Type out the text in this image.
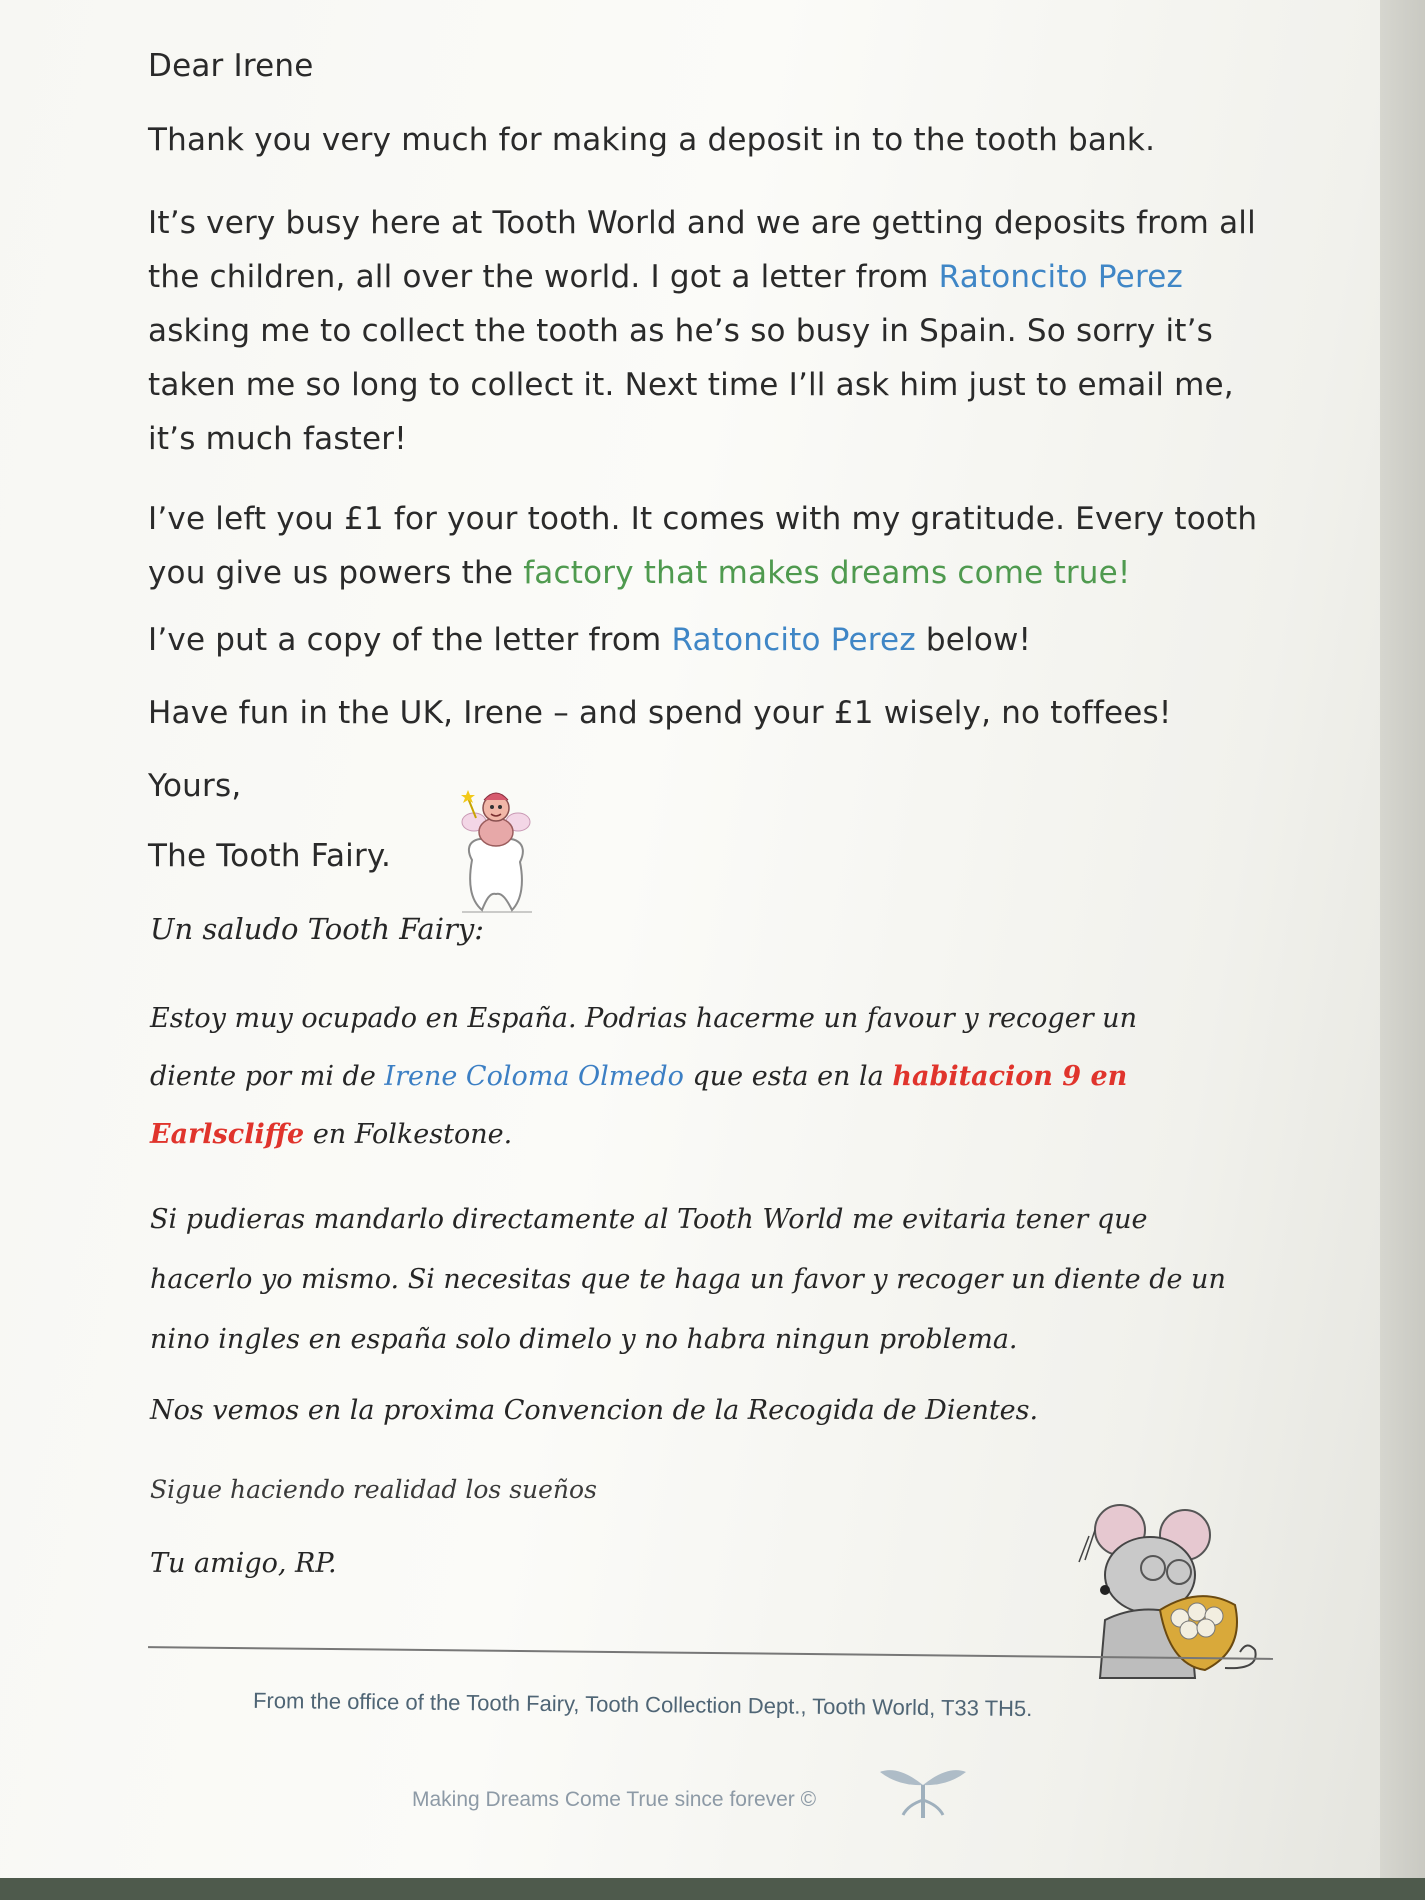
Dear Irene
Thank you very much for making a deposit in to the tooth bank.
It’s very busy here at Tooth World and we are getting deposits from all the children, all over the world. I got a letter from Ratoncito Perez asking me to collect the tooth as he’s so busy in Spain. So sorry it’s taken me so long to collect it. Next time I’ll ask him just to email me, it’s much faster!
I’ve left you £1 for your tooth. It comes with my gratitude. Every tooth you give us powers the factory that makes dreams come true!
I’ve put a copy of the letter from Ratoncito Perez below!
Have fun in the UK, Irene – and spend your £1 wisely, no toffees!
Yours,
The Tooth Fairy.
Un saludo Tooth Fairy:
Estoy muy ocupado en España. Podrias hacerme un favour y recoger un diente por mi de Irene Coloma Olmedo que esta en la habitacion 9 en Earlscliffe en Folkestone.
Si pudieras mandarlo directamente al Tooth World me evitaria tener que hacerlo yo mismo. Si necesitas que te haga un favor y recoger un diente de un nino ingles en españa solo dimelo y no habra ningun problema.
Nos vemos en la proxima Convencion de la Recogida de Dientes.
Sigue haciendo realidad los sueños
Tu amigo, RP.
From the office of the Tooth Fairy, Tooth Collection Dept., Tooth World, T33 TH5.
Making Dreams Come True since forever ©
